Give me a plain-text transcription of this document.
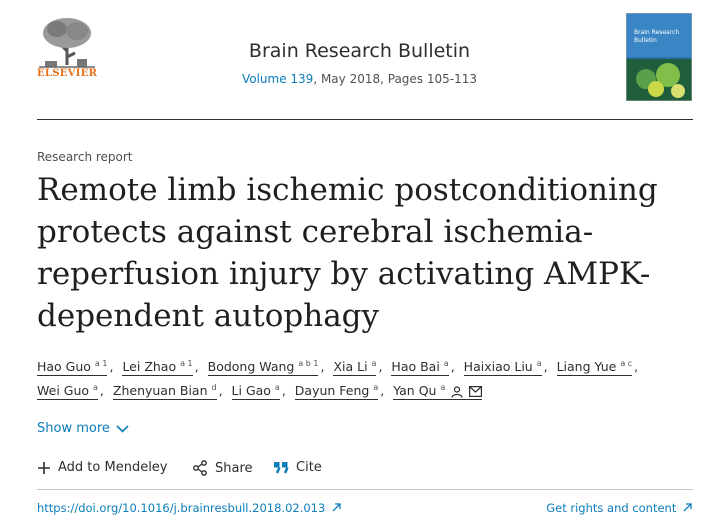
ELSEVIER
Brain Research Bulletin
Volume 139, May 2018, Pages 105-113
Brain Research
Bulletin
Research report
Remote limb ischemic postconditioning
protects against cerebral ischemia-
reperfusion injury by activating AMPK-
dependent autophagy
Hao Guo $^{a 1}$ , Lei Zhao $^{a 1}$ , Bodong Wang $^{a b 1}$ , Xia Li $^a$ , Hao Bai $^a$ , Haixiao Liu $^a$ , Liang Yue $^{a c}$ ,
Wei Guo $^a$ , Zhenyuan Bian $^d$ , Li Gao $^a$ , Dayun Feng $^a$ , Yan Qu $^a$
Show more
Add to Mendeley	Share	Cite
https://doi.org/10.1016/j.brainresbull.2018.02.013	Get rights and content
